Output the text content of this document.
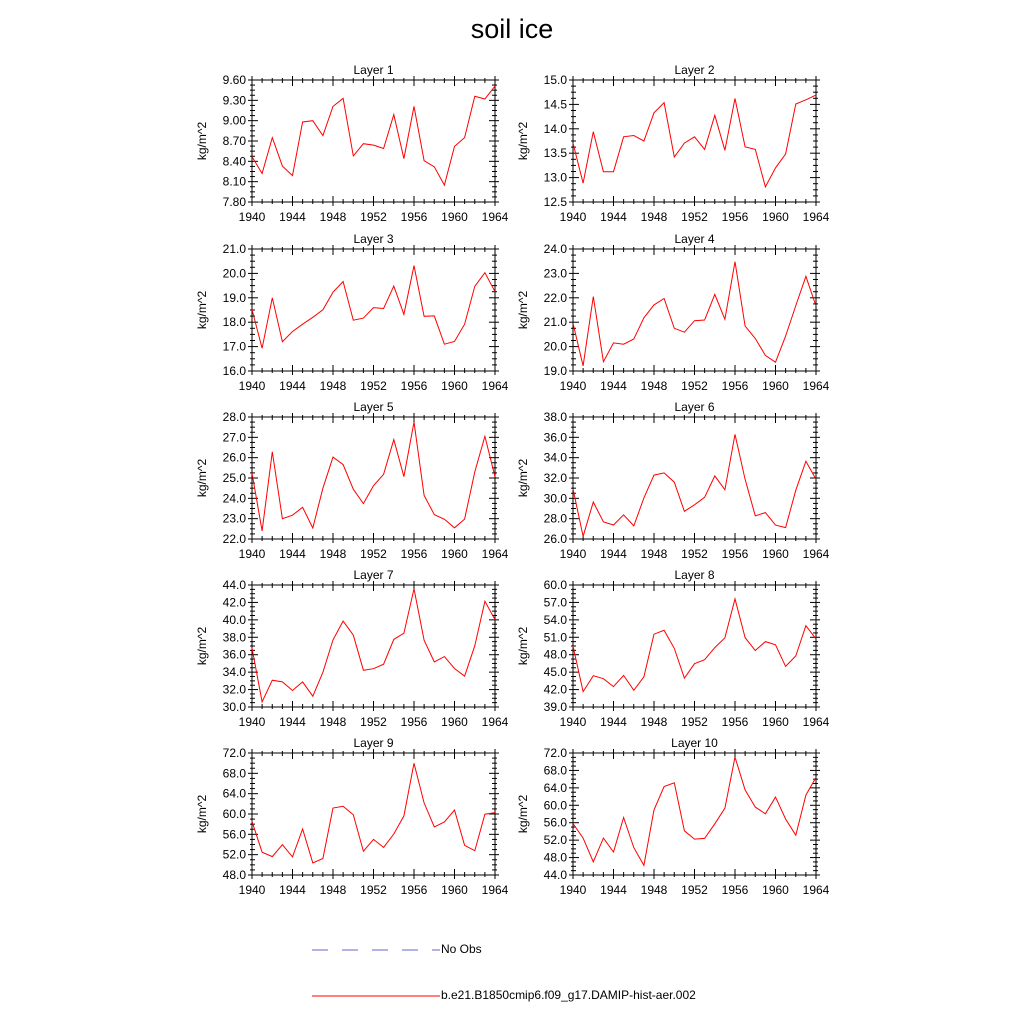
soil ice
Layer 1
kg/m^2
7.80
8.10
8.40
8.70
9.00
9.30
9.60
1940 1944 1948 1952 1956 1960 1964
Layer 2
kg/m^2
12.5
13.0
13.5
14.0
14.5
15.0
1940 1944 1948 1952 1956 1960 1964
Layer 3
kg/m^2
16.0
17.0
18.0
19.0
20.0
21.0
1940 1944 1948 1952 1956 1960 1964
Layer 4
kg/m^2
19.0
20.0
21.0
22.0
23.0
24.0
1940 1944 1948 1952 1956 1960 1964
Layer 5
kg/m^2
22.0
23.0
24.0
25.0
26.0
27.0
28.0
1940 1944 1948 1952 1956 1960 1964
Layer 6
kg/m^2
26.0
28.0
30.0
32.0
34.0
36.0
38.0
1940 1944 1948 1952 1956 1960 1964
Layer 7
kg/m^2
30.0
32.0
34.0
36.0
38.0
40.0
42.0
44.0
1940 1944 1948 1952 1956 1960 1964
Layer 8
kg/m^2
39.0
42.0
45.0
48.0
51.0
54.0
57.0
60.0
1940 1944 1948 1952 1956 1960 1964
Layer 9
kg/m^2
48.0
52.0
56.0
60.0
64.0
68.0
72.0
1940 1944 1948 1952 1956 1960 1964
Layer 10
kg/m^2
44.0
48.0
52.0
56.0
60.0
64.0
68.0
72.0
1940 1944 1948 1952 1956 1960 1964
No Obs
b.e21.B1850cmip6.f09_g17.DAMIP-hist-aer.002
